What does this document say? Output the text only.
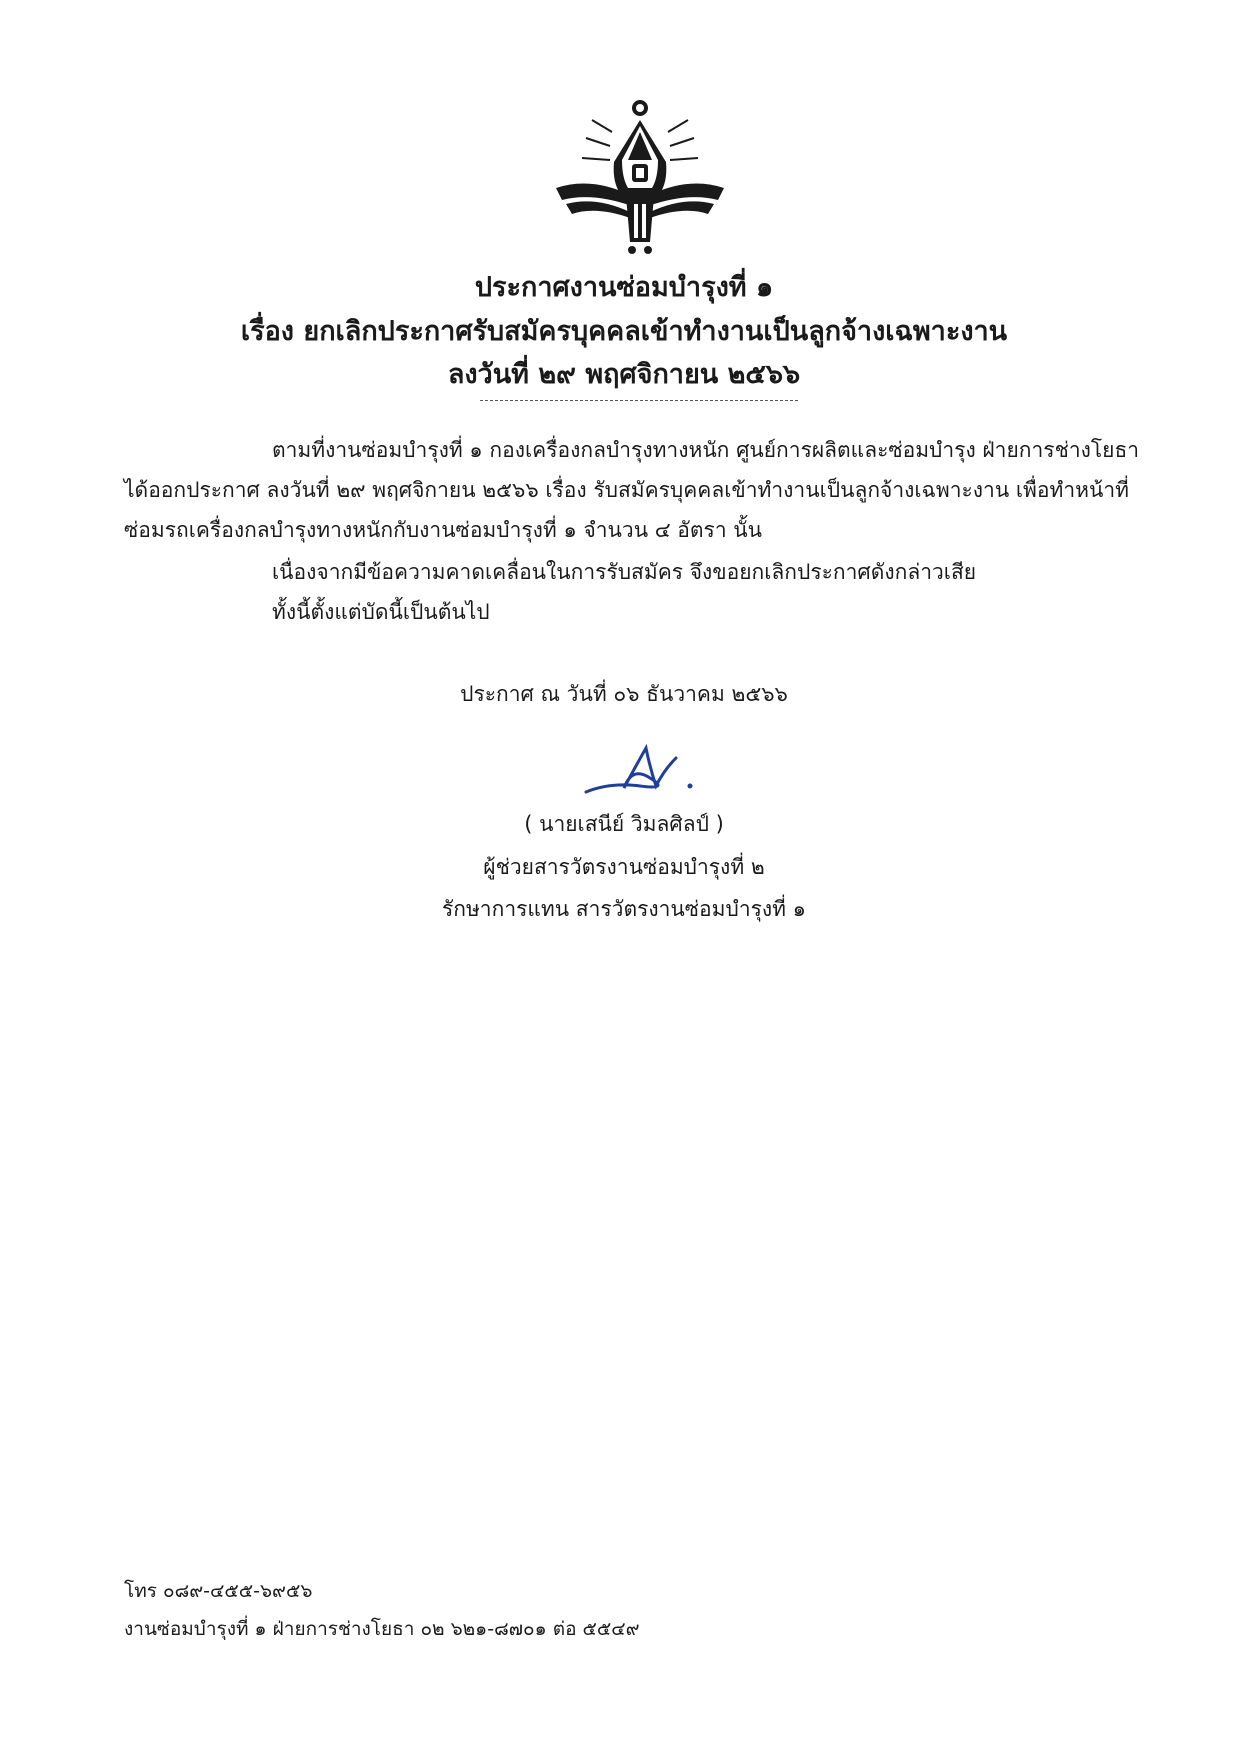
ประกาศงานซ่อมบำรุงที่ ๑
เรื่อง ยกเลิกประกาศรับสมัครบุคคลเข้าทำงานเป็นลูกจ้างเฉพาะงาน
ลงวันที่ ๒๙ พฤศจิกายน ๒๕๖๖
ตามที่งานซ่อมบำรุงที่ ๑ กองเครื่องกลบำรุงทางหนัก ศูนย์การผลิตและซ่อมบำรุง ฝ่ายการช่างโยธา
ได้ออกประกาศ ลงวันที่ ๒๙ พฤศจิกายน ๒๕๖๖ เรื่อง รับสมัครบุคคลเข้าทำงานเป็นลูกจ้างเฉพาะงาน เพื่อทำหน้าที่
ซ่อมรถเครื่องกลบำรุงทางหนักกับงานซ่อมบำรุงที่ ๑ จำนวน ๔ อัตรา นั้น
เนื่องจากมีข้อความคาดเคลื่อนในการรับสมัคร จึงขอยกเลิกประกาศดังกล่าวเสีย
ทั้งนี้ตั้งแต่บัดนี้เป็นต้นไป
ประกาศ ณ วันที่ ๐๖ ธันวาคม ๒๕๖๖
( นายเสนีย์ วิมลศิลป์ )
ผู้ช่วยสารวัตรงานซ่อมบำรุงที่ ๒
รักษาการแทน สารวัตรงานซ่อมบำรุงที่ ๑
โทร ๐๘๙-๔๕๕-๖๙๕๖
งานซ่อมบำรุงที่ ๑ ฝ่ายการช่างโยธา ๐๒ ๖๒๑-๘๗๐๑ ต่อ ๕๕๔๙
